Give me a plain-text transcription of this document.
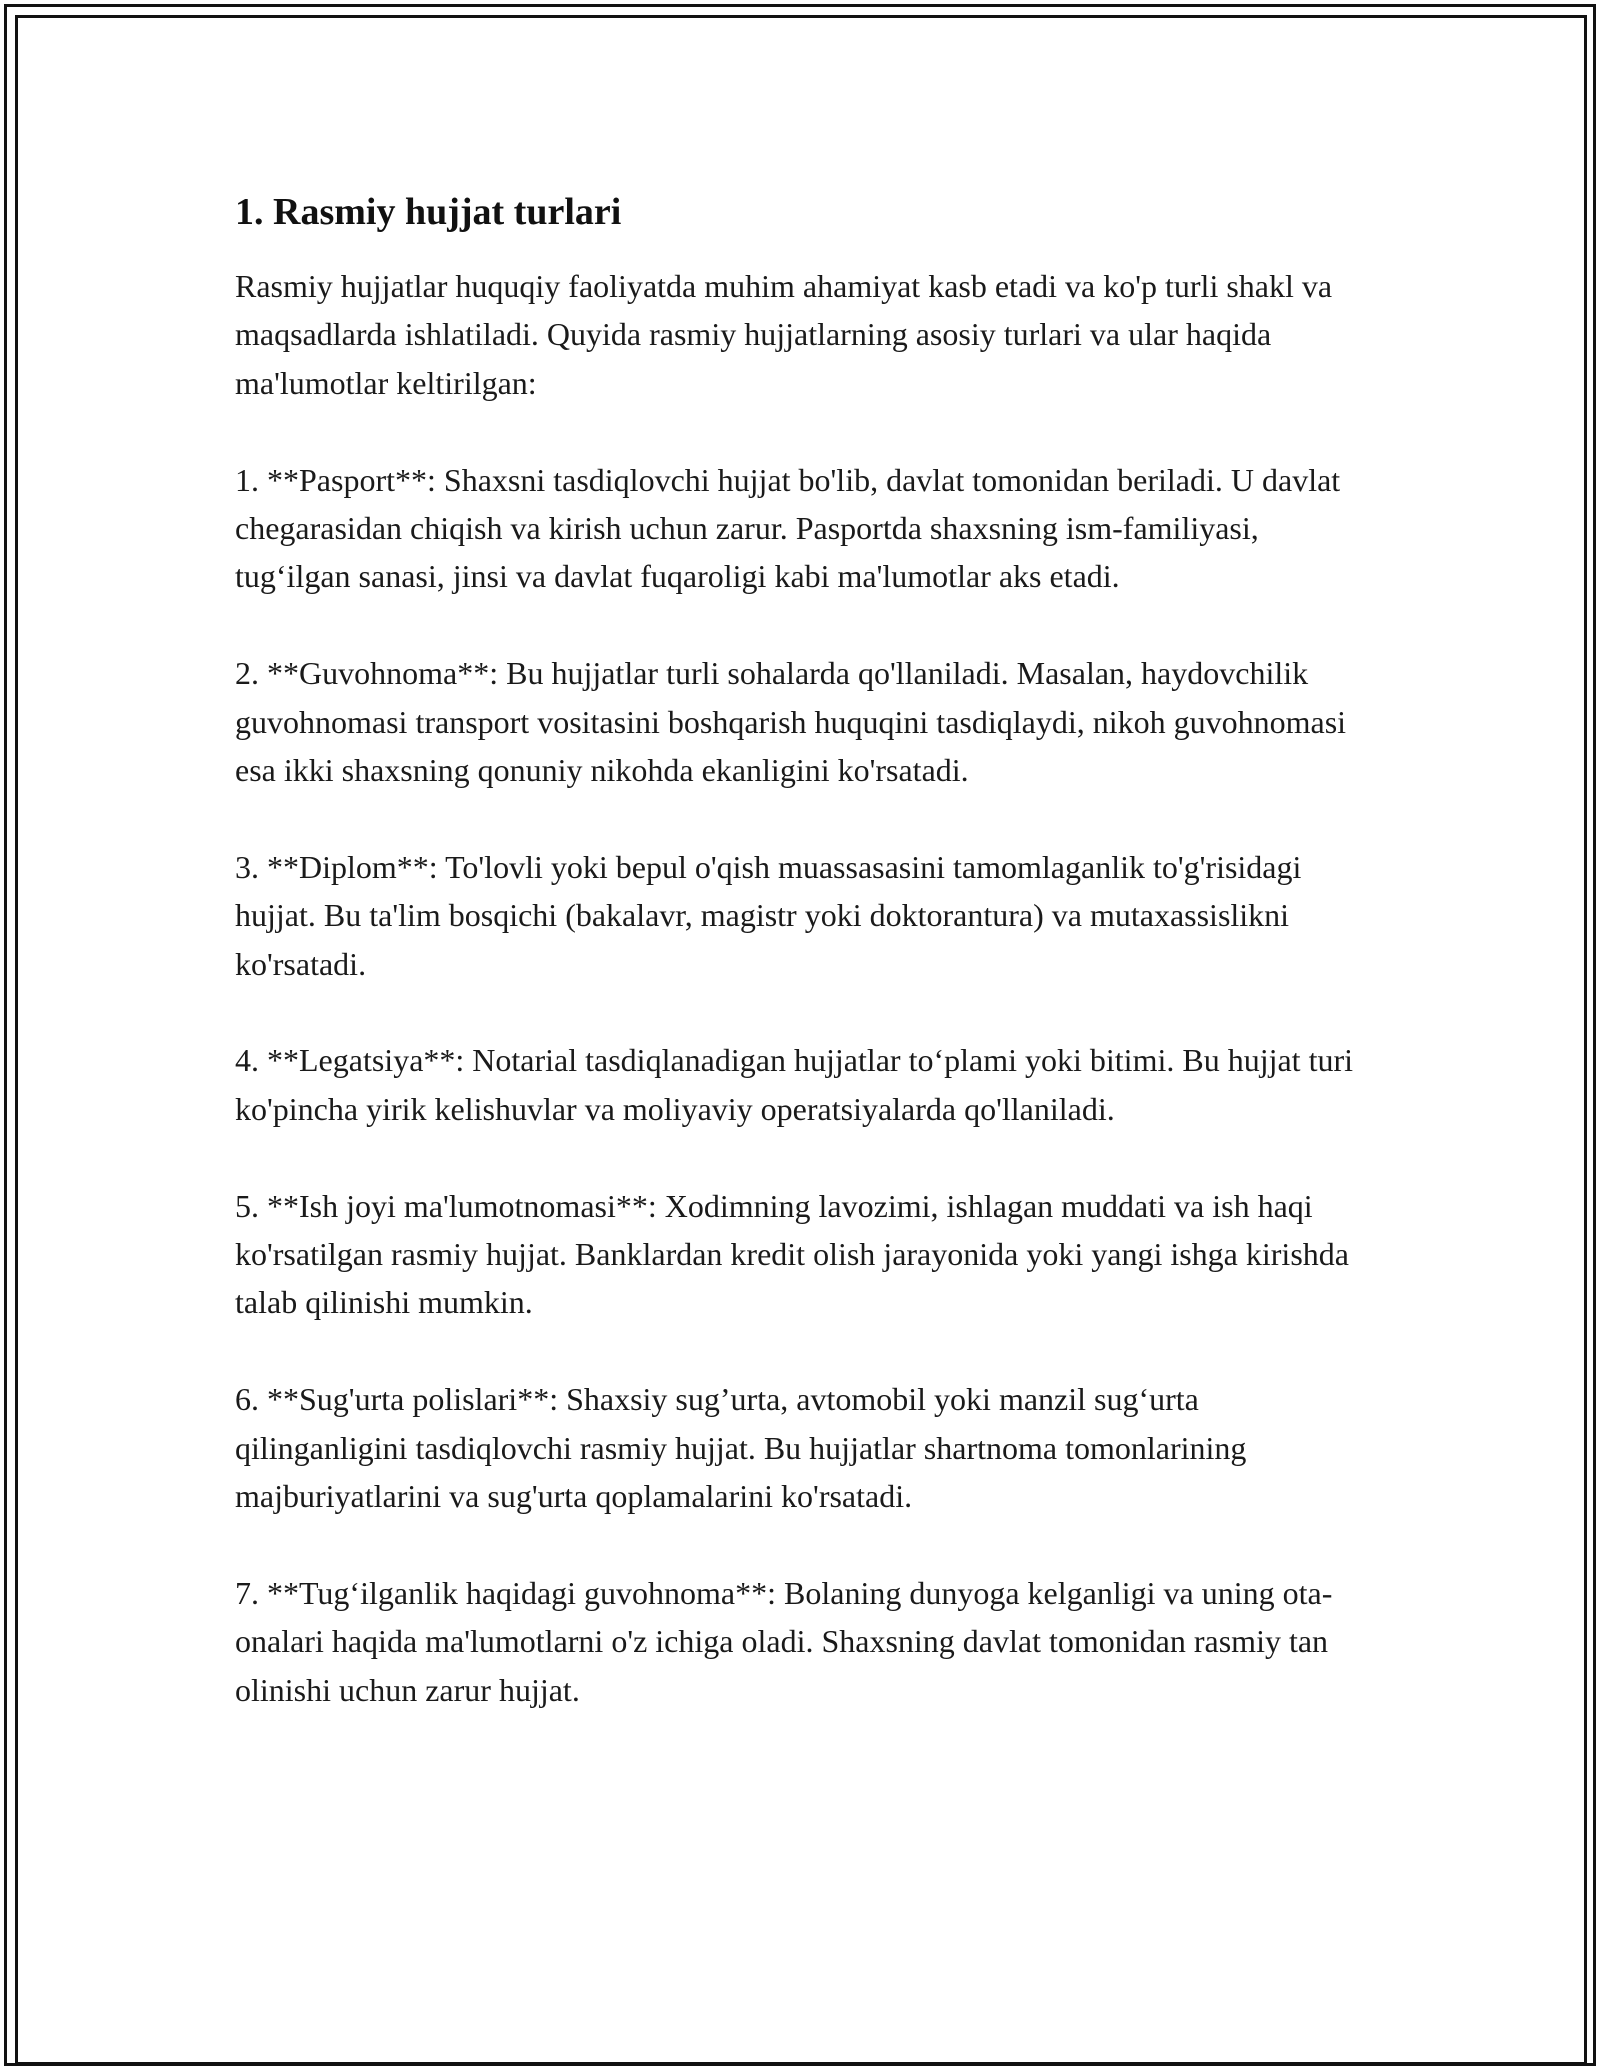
1. Rasmiy hujjat turlari

Rasmiy hujjatlar huquqiy faoliyatda muhim ahamiyat kasb etadi va ko'p turli shakl va maqsadlarda ishlatiladi. Quyida rasmiy hujjatlarning asosiy turlari va ular haqida ma'lumotlar keltirilgan:

1. **Pasport**: Shaxsni tasdiqlovchi hujjat bo'lib, davlat tomonidan beriladi. U davlat chegarasidan chiqish va kirish uchun zarur. Pasportda shaxsning ism-familiyasi, tug‘ilgan sanasi, jinsi va davlat fuqaroligi kabi ma'lumotlar aks etadi.

2. **Guvohnoma**: Bu hujjatlar turli sohalarda qo'llaniladi. Masalan, haydovchilik guvohnomasi transport vositasini boshqarish huquqini tasdiqlaydi, nikoh guvohnomasi esa ikki shaxsning qonuniy nikohda ekanligini ko'rsatadi.

3. **Diplom**: To'lovli yoki bepul o'qish muassasasini tamomlaganlik to'g'risidagi hujjat. Bu ta'lim bosqichi (bakalavr, magistr yoki doktorantura) va mutaxassislikni ko'rsatadi.

4. **Legatsiya**: Notarial tasdiqlanadigan hujjatlar to‘plami yoki bitimi. Bu hujjat turi ko'pincha yirik kelishuvlar va moliyaviy operatsiyalarda qo'llaniladi.

5. **Ish joyi ma'lumotnomasi**: Xodimning lavozimi, ishlagan muddati va ish haqi ko'rsatilgan rasmiy hujjat. Banklardan kredit olish jarayonida yoki yangi ishga kirishda talab qilinishi mumkin.

6. **Sug'urta polislari**: Shaxsiy sug’urta, avtomobil yoki manzil sug‘urta qilinganligini tasdiqlovchi rasmiy hujjat. Bu hujjatlar shartnoma tomonlarining majburiyatlarini va sug'urta qoplamalarini ko'rsatadi.

7. **Tug‘ilganlik haqidagi guvohnoma**: Bolaning dunyoga kelganligi va uning ota-onalari haqida ma'lumotlarni o'z ichiga oladi. Shaxsning davlat tomonidan rasmiy tan olinishi uchun zarur hujjat.
